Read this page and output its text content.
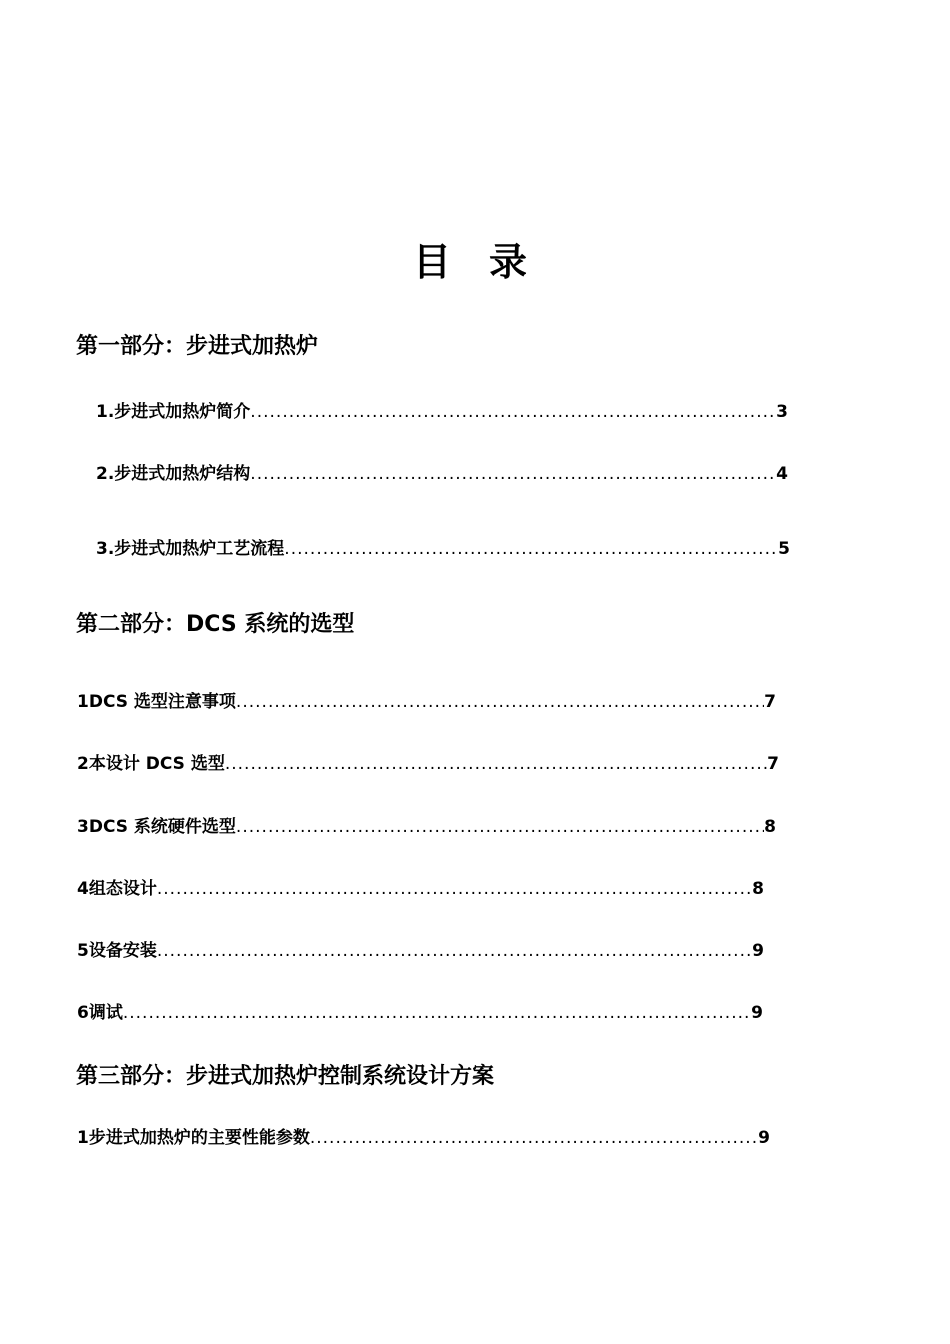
目　录
第一部分：步进式加热炉
1. 步进式加热炉简介 .....	3
2. 步进式加热炉结构 .....	4
3. 步进式加热炉工艺流程 .....	5
第二部分：DCS 系统的选型
1 DCS 选型注意事项 .....	7
2 本设计 DCS 选型 .....	7
3 DCS 系统硬件选型 .....	8
4 组态设计 .....	8
5 设备安装 .....	9
6 调试 .....	9
第三部分：步进式加热炉控制系统设计方案
1 步进式加热炉的主要性能参数 .....	9
